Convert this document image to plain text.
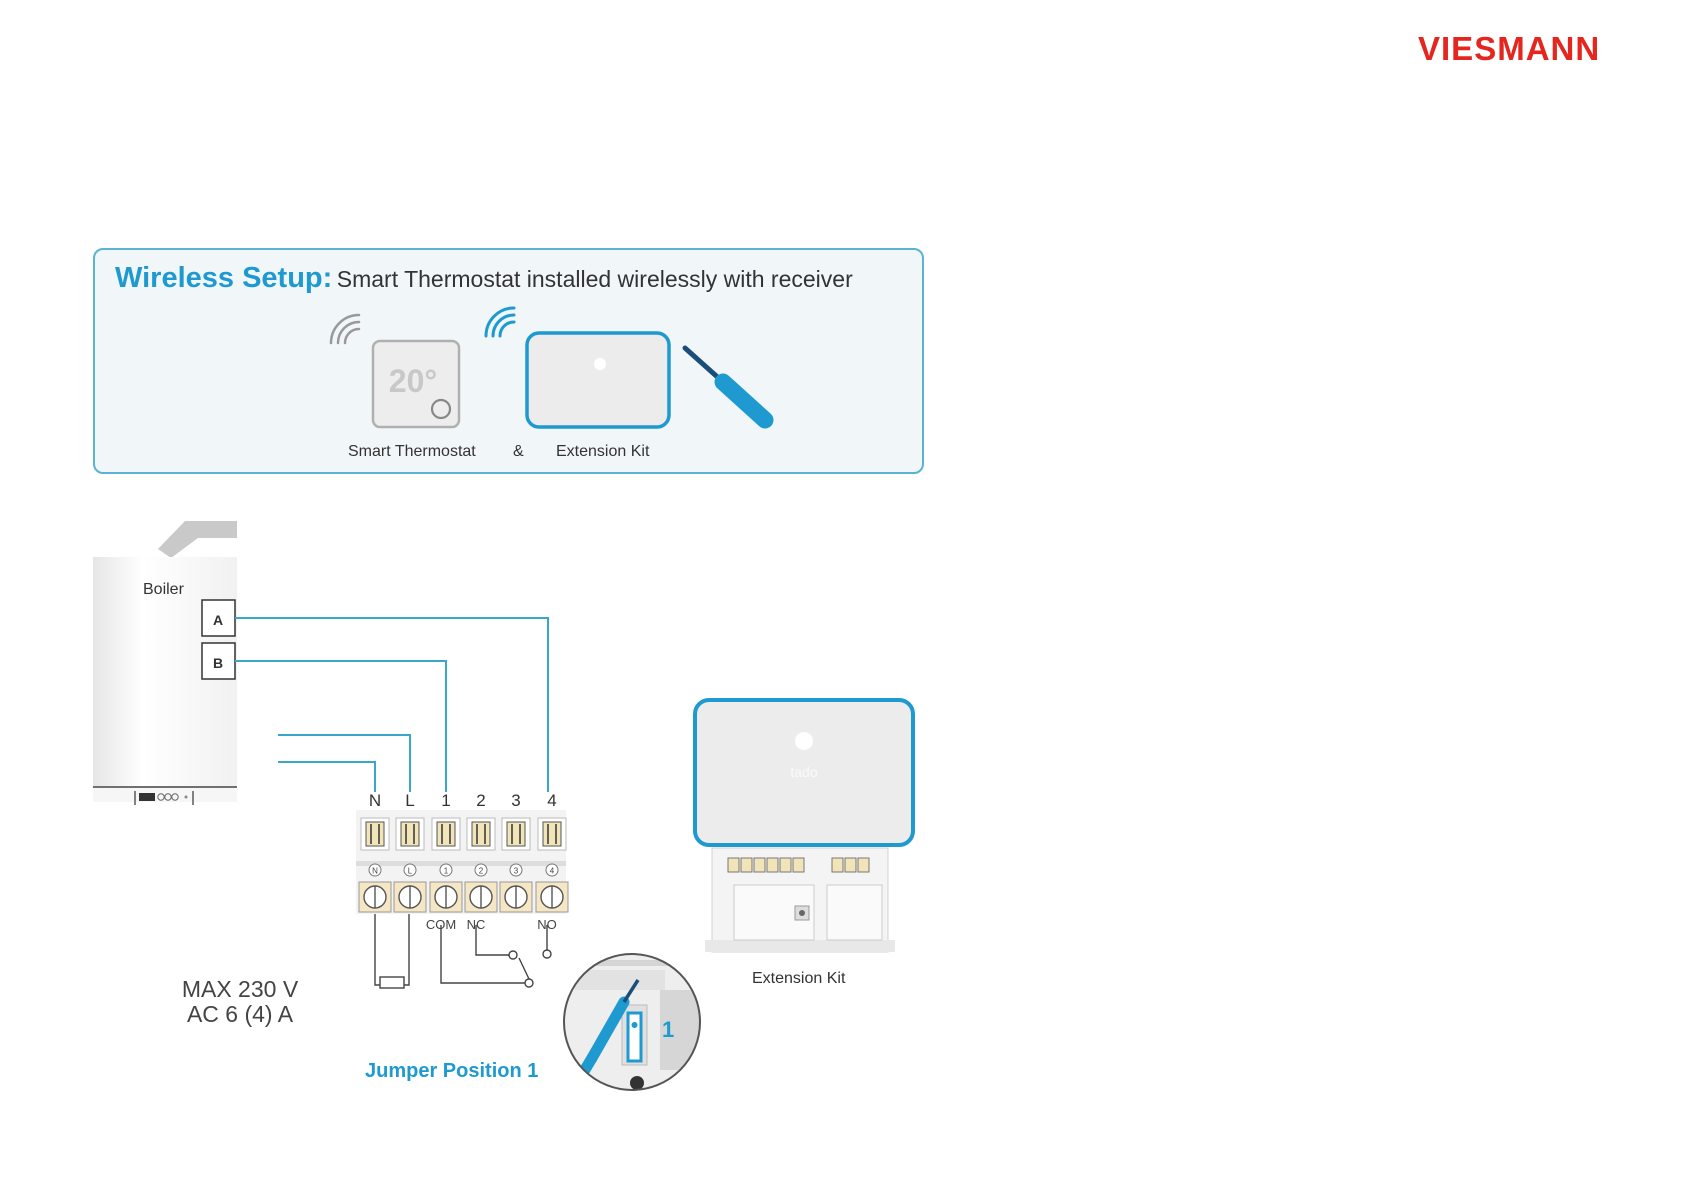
VIESMANN
Wireless Setup: Smart Thermostat installed wirelessly with receiver
20°
Smart Thermostat & Extension Kit
A
B
N	L	1	2	3	4
N L 1 2 3 4
COM NC	NO
1
tado
Boiler
MAX 230 V
AC 6 (4) A
Jumper Position 1
Extension Kit
